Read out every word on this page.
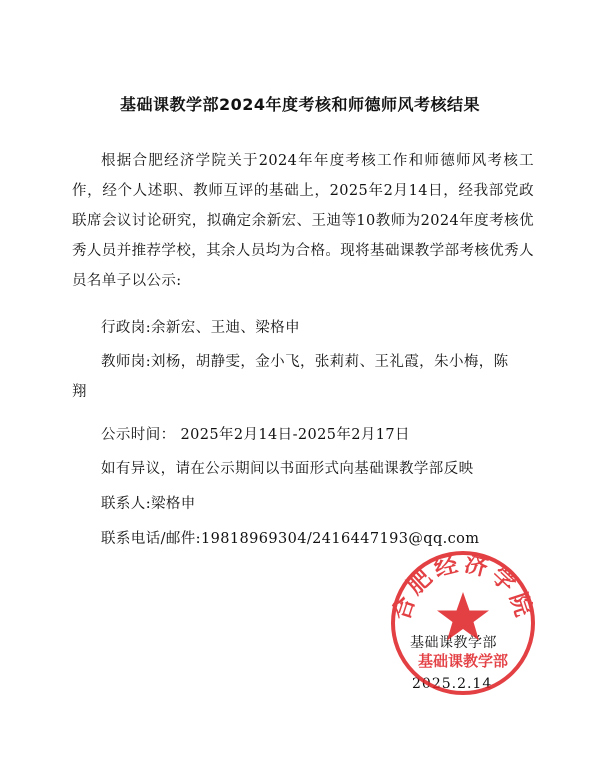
基础课教学部2024年度考核和师德师风考核结果
根据合肥经济学院关于2024年年度考核工作和师德师风考核工作，经个人述职、教师互评的基础上，2025年2月14日，经我部党政联席会议讨论研究，拟确定余新宏、王迪等10教师为2024年度考核优秀人员并推荐学校，其余人员均为合格。现将基础课教学部考核优秀人员名单子以公示:
行政岗:余新宏、王迪、梁格申
教师岗:刘杨，胡静雯，金小飞，张莉莉、王礼霞，朱小梅，陈
翔
公示时间： 2025年2月14日-2025年2月17日
如有异议，请在公示期间以书面形式向基础课教学部反映
联系人:梁格申
联系电话/邮件:19818969304/2416447193@qq.com
基础课教学部
2025.2.14
合肥经济学院
基础课教学部
